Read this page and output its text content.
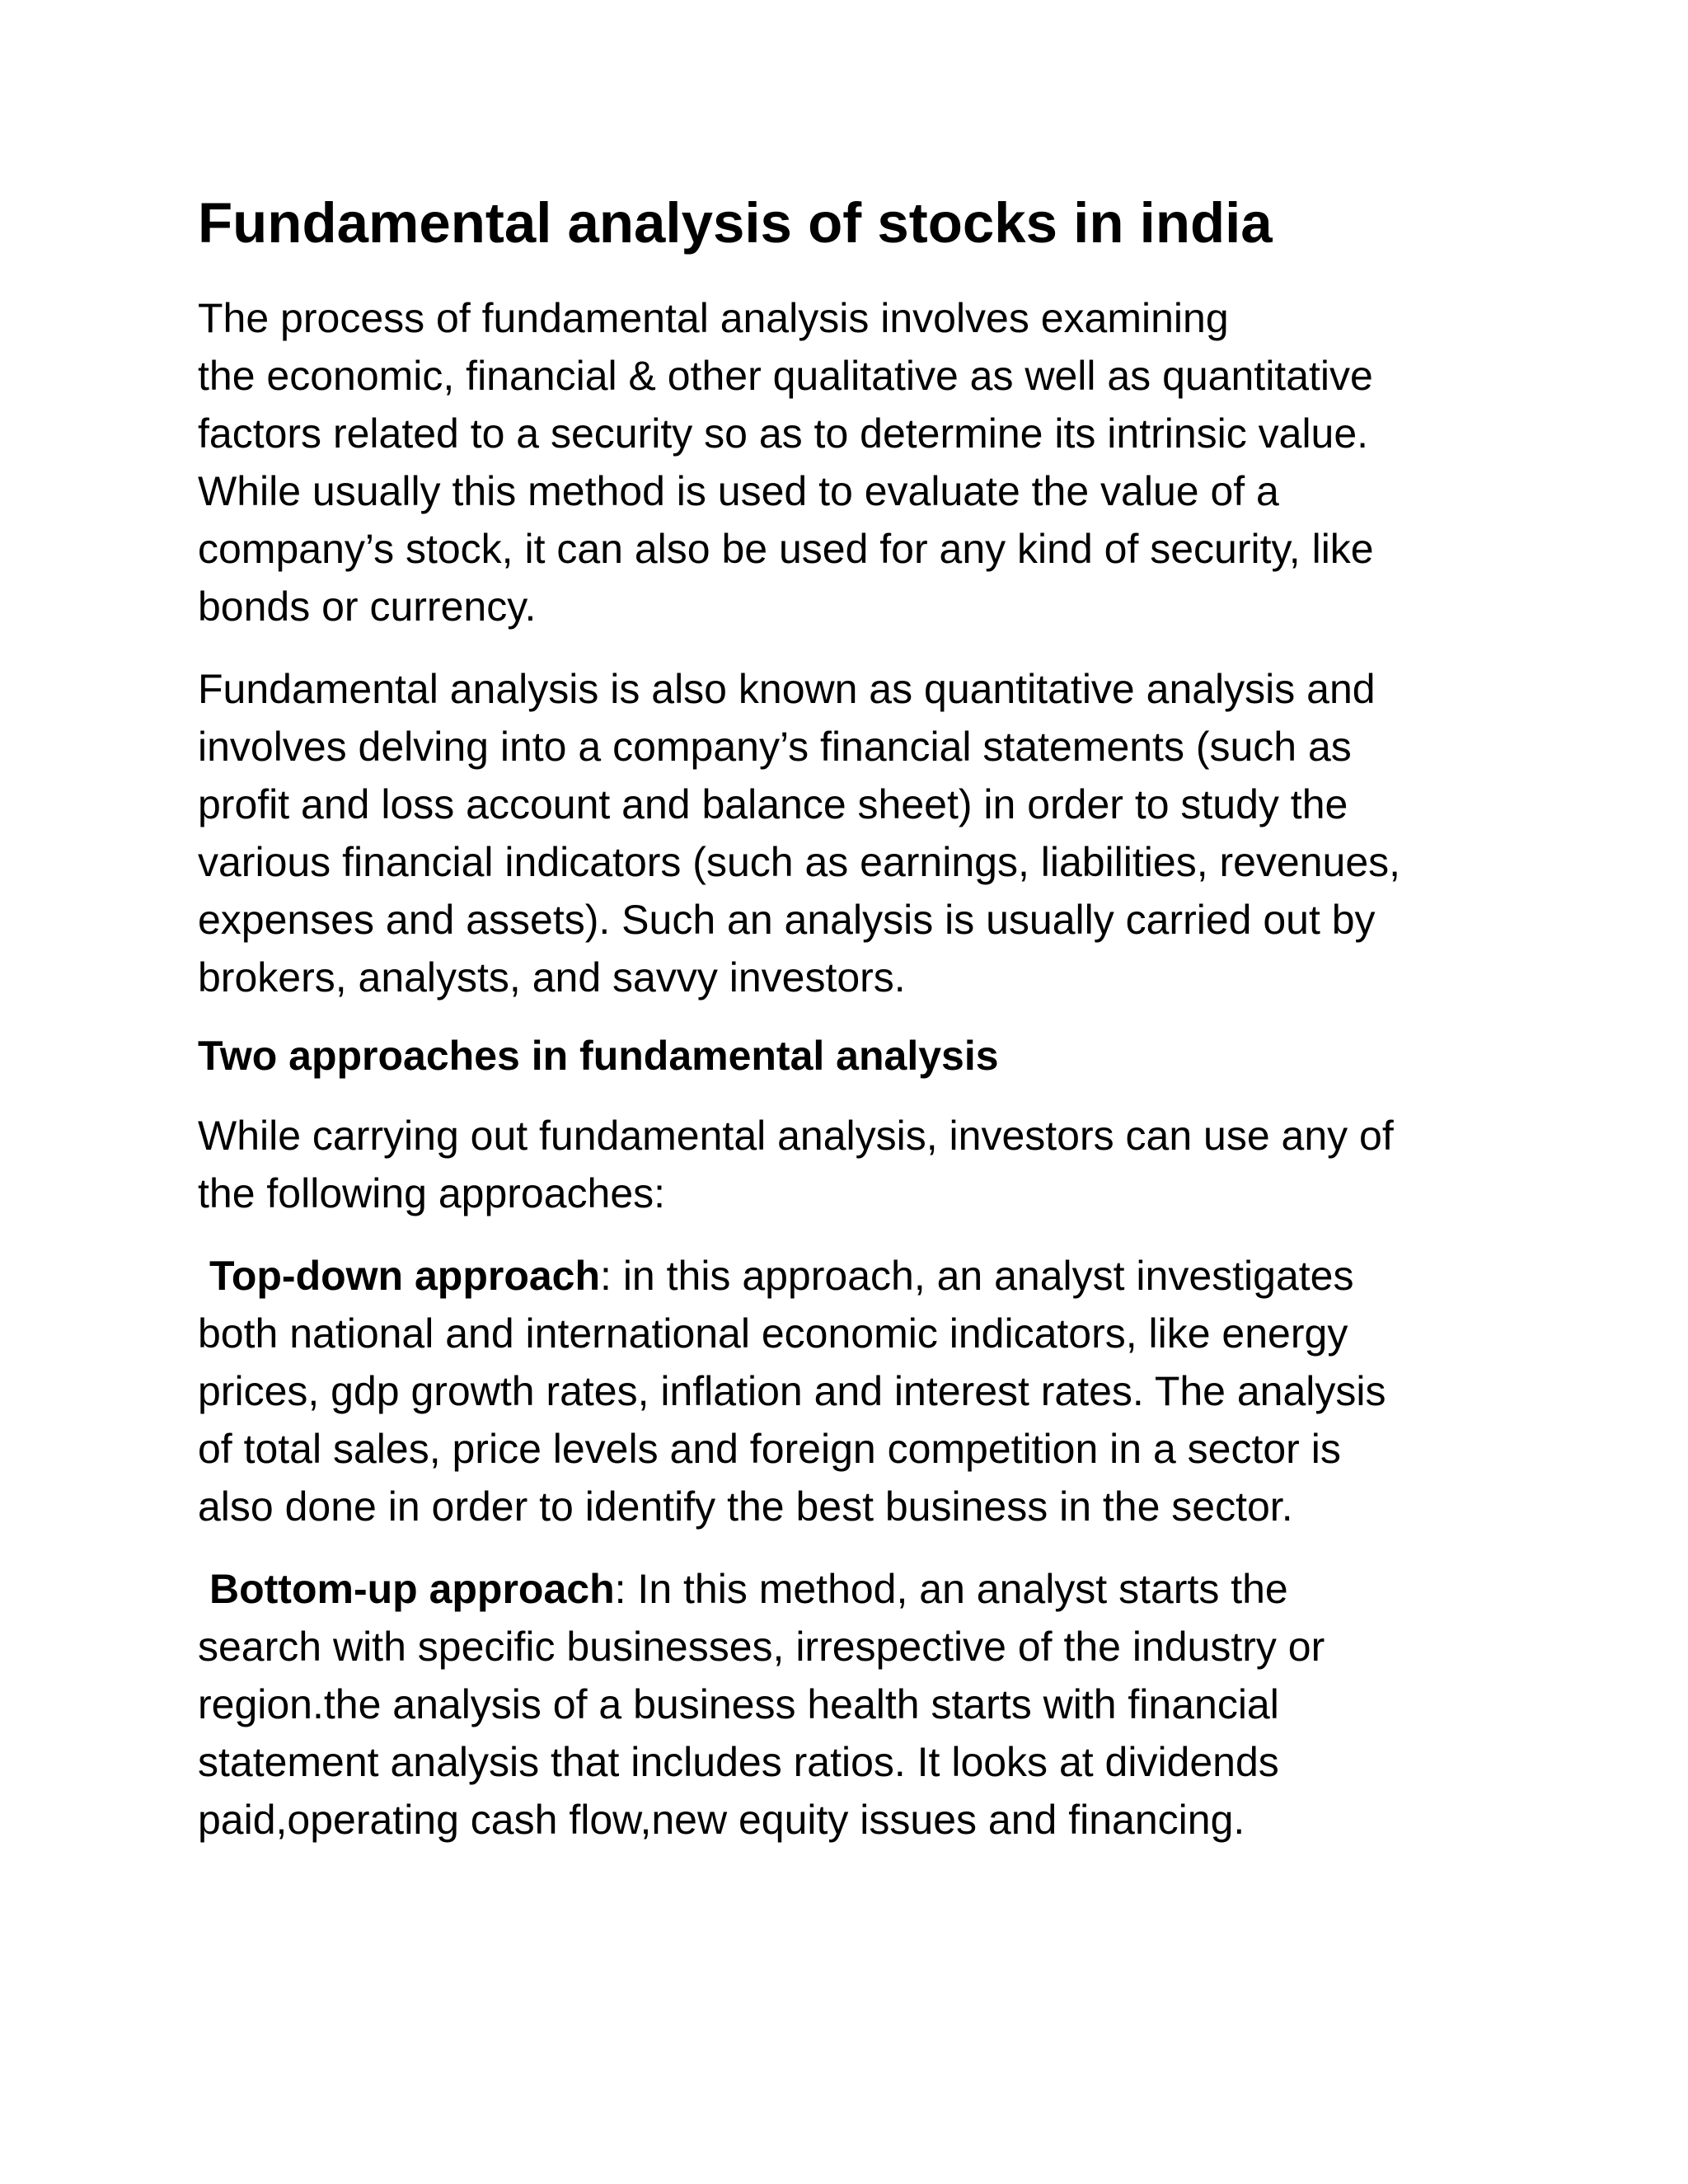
Fundamental analysis of stocks in india

The process of fundamental analysis involves examining
the economic, financial & other qualitative as well as quantitative
factors related to a security so as to determine its intrinsic value.
While usually this method is used to evaluate the value of a
company’s stock, it can also be used for any kind of security, like
bonds or currency.

Fundamental analysis is also known as quantitative analysis and
involves delving into a company’s financial statements (such as
profit and loss account and balance sheet) in order to study the
various financial indicators (such as earnings, liabilities, revenues,
expenses and assets). Such an analysis is usually carried out by
brokers, analysts, and savvy investors.

Two approaches in fundamental analysis

While carrying out fundamental analysis, investors can use any of
the following approaches:

Top-down approach: in this approach, an analyst investigates
both national and international economic indicators, like energy
prices, gdp growth rates, inflation and interest rates. The analysis
of total sales, price levels and foreign competition in a sector is
also done in order to identify the best business in the sector.

Bottom-up approach: In this method, an analyst starts the
search with specific businesses, irrespective of the industry or
region.the analysis of a business health starts with financial
statement analysis that includes ratios. It looks at dividends
paid,operating cash flow,new equity issues and financing.
